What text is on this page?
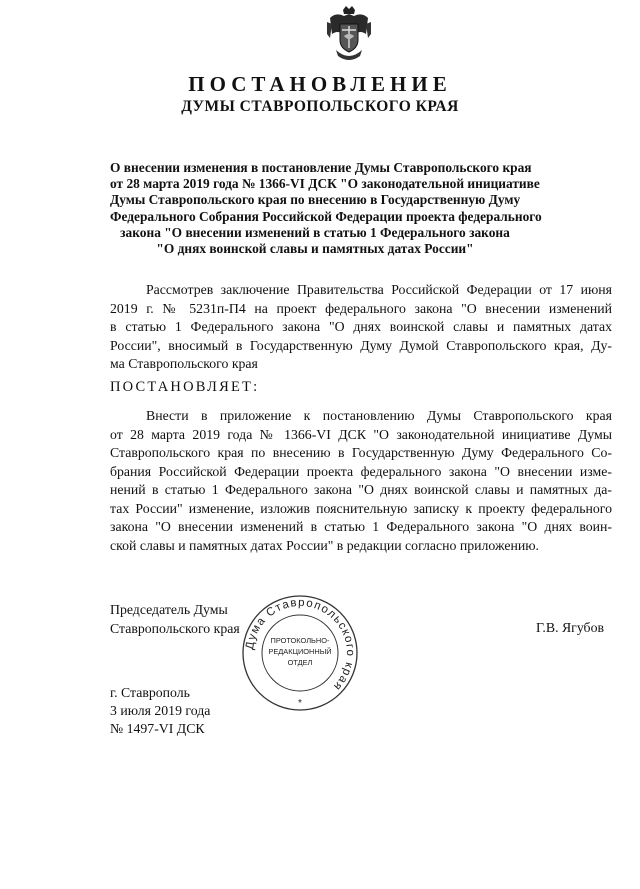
ПОСТАНОВЛЕНИЕ
ДУМЫ СТАВРОПОЛЬСКОГО КРАЯ
О внесении изменения в постановление Думы Ставропольского края
от 28 марта 2019 года № 1366-VI ДСК "О законодательной инициативе
Думы Ставропольского края по внесению в Государственную Думу
Федерального Собрания Российской Федерации проекта федерального
закона "О внесении изменений в статью 1 Федерального закона
"О днях воинской славы и памятных датах России"
Рассмотрев заключение Правительства Российской Федерации от 17 июня
2019 г. № 5231п-П4 на проект федерального закона "О внесении изменений
в статью 1 Федерального закона "О днях воинской славы и памятных датах
России", вносимый в Государственную Думу Думой Ставропольского края, Ду-
ма Ставропольского края

ПОСТАНОВЛЯЕТ:

Внести в приложение к постановлению Думы Ставропольского края
от 28 марта 2019 года № 1366-VI ДСК "О законодательной инициативе Думы
Ставропольского края по внесению в Государственную Думу Федерального Со-
брания Российской Федерации проекта федерального закона "О внесении изме-
нений в статью 1 Федерального закона "О днях воинской славы и памятных да-
тах России" изменение, изложив пояснительную записку к проекту федерального
закона "О внесении изменений в статью 1 Федерального закона "О днях воин-
ской славы и памятных датах России" в редакции согласно приложению.
Председатель Думы
Ставропольского края	Г.В. Ягубов

Дума Ставропольского края
ПРОТОКОЛЬНО-
РЕДАКЦИОННЫЙ
ОТДЕЛ
*
г. Ставрополь
3 июля 2019 года
№ 1497-VI ДСК
